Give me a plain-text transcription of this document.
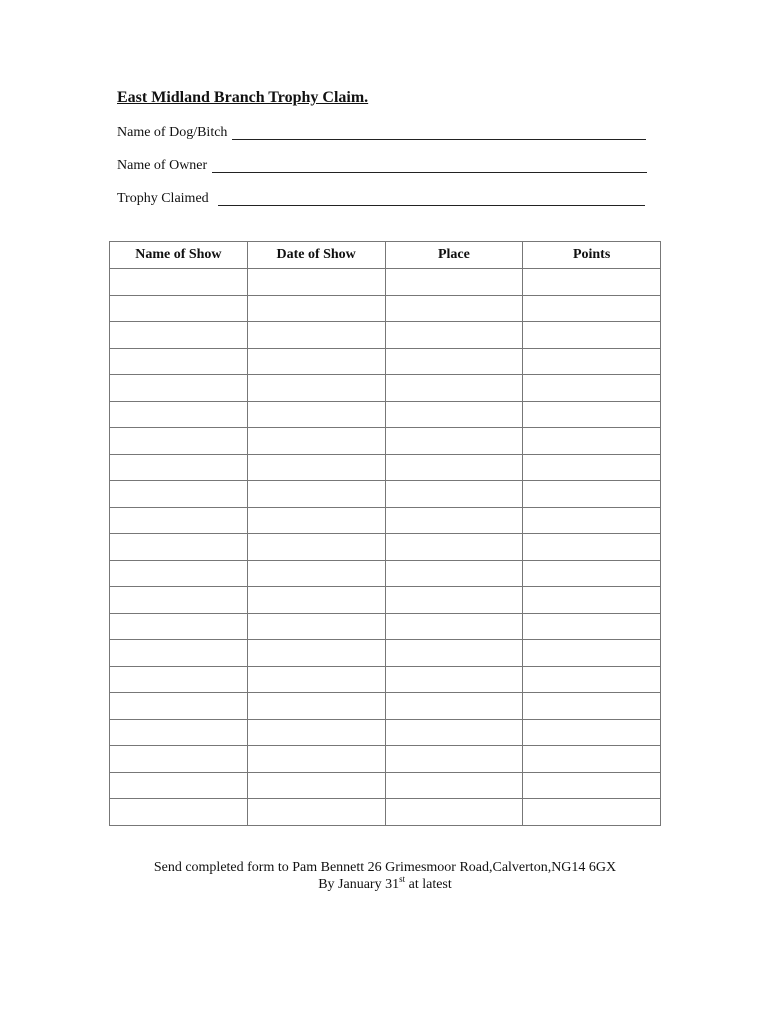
East Midland Branch Trophy Claim.
Name of Dog/Bitch
Name of Owner
Trophy Claimed
Name of Show	Date of Show	Place	Points

Send completed form to Pam Bennett 26 Grimesmoor Road,Calverton,NG14 6GX
By January 31st at latest
